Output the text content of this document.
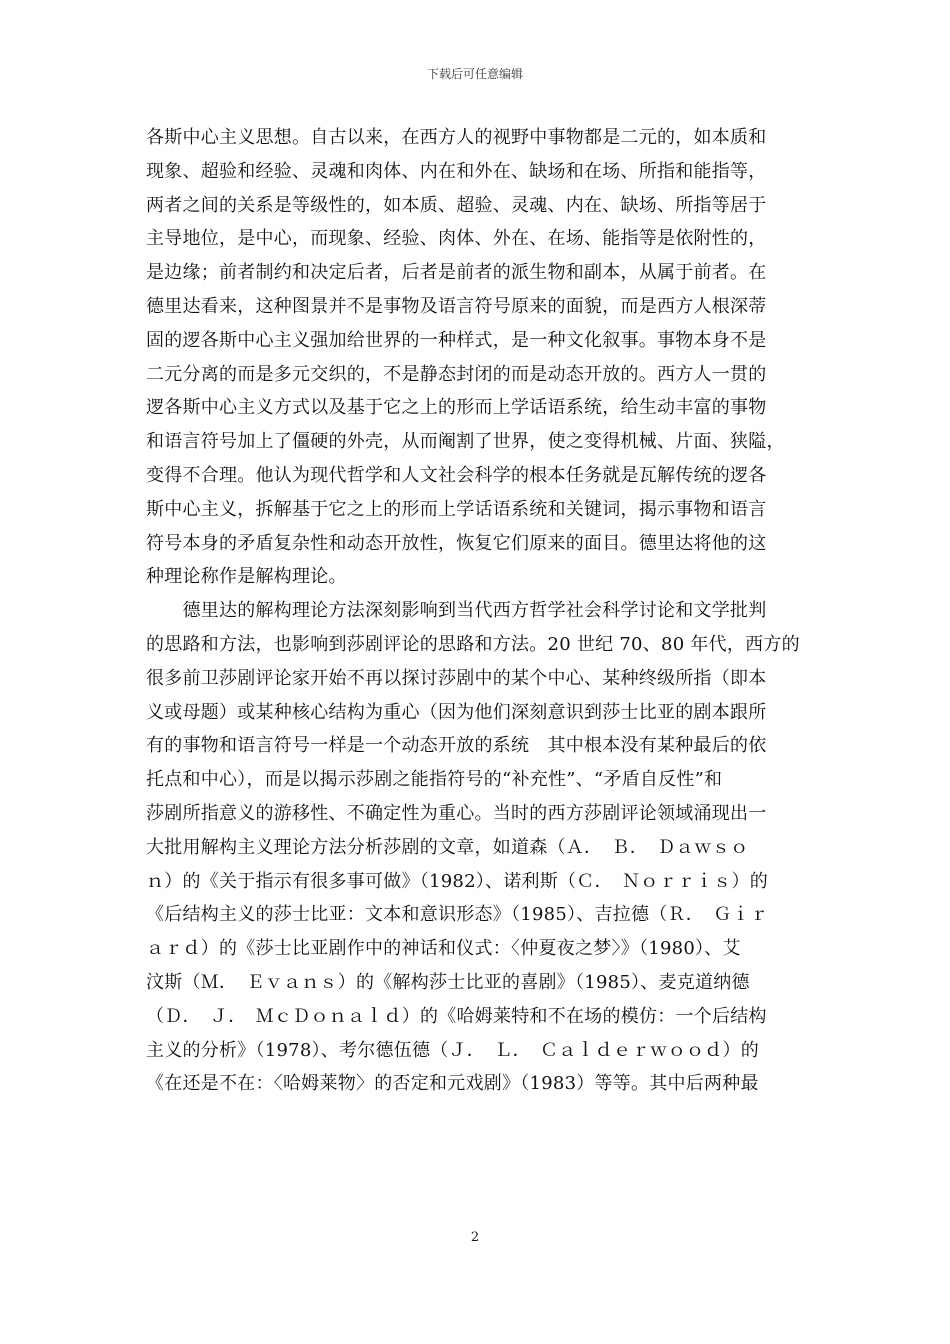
下载后可任意编辑
各斯中心主义思想。自古以来，在西方人的视野中事物都是二元的，如本质和
现象、超验和经验、灵魂和肉体、内在和外在、缺场和在场、所指和能指等，
两者之间的关系是等级性的，如本质、超验、灵魂、内在、缺场、所指等居于
主导地位，是中心，而现象、经验、肉体、外在、在场、能指等是依附性的，
是边缘；前者制约和决定后者，后者是前者的派生物和副本，从属于前者。在
德里达看来，这种图景并不是事物及语言符号原来的面貌，而是西方人根深蒂
固的逻各斯中心主义强加给世界的一种样式，是一种文化叙事。事物本身不是
二元分离的而是多元交织的，不是静态封闭的而是动态开放的。西方人一贯的
逻各斯中心主义方式以及基于它之上的形而上学话语系统，给生动丰富的事物
和语言符号加上了僵硬的外壳，从而阉割了世界，使之变得机械、片面、狭隘，
变得不合理。他认为现代哲学和人文社会科学的根本任务就是瓦解传统的逻各
斯中心主义，拆解基于它之上的形而上学话语系统和关键词，揭示事物和语言
符号本身的矛盾复杂性和动态开放性，恢复它们原来的面目。德里达将他的这
种理论称作是解构理论。
　　德里达的解构理论方法深刻影响到当代西方哲学社会科学讨论和文学批判
的思路和方法，也影响到莎剧评论的思路和方法。20 世纪 70、80 年代，西方的
很多前卫莎剧评论家开始不再以探讨莎剧中的某个中心、某种终级所指（即本
义或母题）或某种核心结构为重心（因为他们深刻意识到莎士比亚的剧本跟所
有的事物和语言符号一样是一个动态开放的系统　其中根本没有某种最后的依
托点和中心），而是以揭示莎剧之能指符号的“补充性”、“矛盾自反性”和
莎剧所指意义的游移性、不确定性为重心。当时的西方莎剧评论领域涌现出一
大批用解构主义理论方法分析莎剧的文章，如道森（Ａ．　Ｂ．　Ｄａｗｓｏ
ｎ）的《关于指示有很多事可做》（1982）、诺利斯（Ｃ．　Ｎｏｒｒｉｓ）的
《后结构主义的莎士比亚：文本和意识形态》（1985）、吉拉德（Ｒ．　Ｇｉｒ
ａｒｄ）的《莎士比亚剧作中的神话和仪式：〈仲夏夜之梦〉》（1980）、艾
汶斯（Ｍ．　Ｅｖａｎｓ）的《解构莎士比亚的喜剧》（1985）、麦克道纳德
（Ｄ．　Ｊ．　ＭｃＤｏｎａｌｄ）的《哈姆莱特和不在场的模仿：一个后结构
主义的分析》（1978）、考尔德伍德（Ｊ．　Ｌ．　Ｃａｌｄｅｒｗｏｏｄ）的
《在还是不在：〈哈姆莱物〉的否定和元戏剧》（1983）等等。其中后两种最
2
